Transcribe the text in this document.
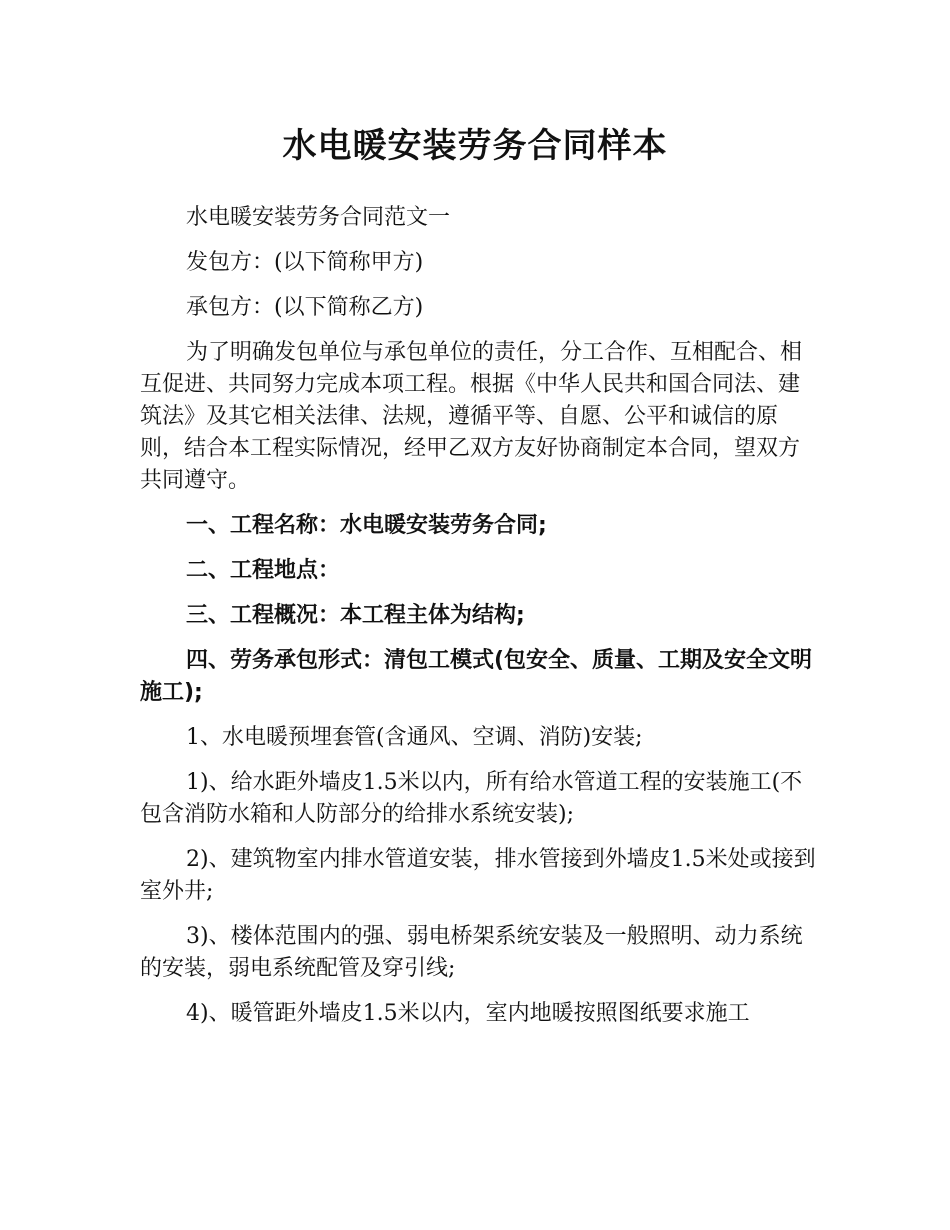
水电暖安装劳务合同样本

水电暖安装劳务合同范文一

发包方：(以下简称甲方)

承包方：(以下简称乙方)

为了明确发包单位与承包单位的责任，分工合作、互相配合、相互促进、共同努力完成本项工程。根据《中华人民共和国合同法、建筑法》及其它相关法律、法规，遵循平等、自愿、公平和诚信的原则，结合本工程实际情况，经甲乙双方友好协商制定本合同，望双方共同遵守。

一、工程名称：水电暖安装劳务合同;

二、工程地点：

三、工程概况：本工程主体为结构;

四、劳务承包形式：清包工模式(包安全、质量、工期及安全文明施工);

1、水电暖预埋套管(含通风、空调、消防)安装;

1)、给水距外墙皮1.5米以内，所有给水管道工程的安装施工(不包含消防水箱和人防部分的给排水系统安装);

2)、建筑物室内排水管道安装，排水管接到外墙皮1.5米处或接到室外井;

3)、楼体范围内的强、弱电桥架系统安装及一般照明、动力系统的安装，弱电系统配管及穿引线;

4)、暖管距外墙皮1.5米以内，室内地暖按照图纸要求施工
